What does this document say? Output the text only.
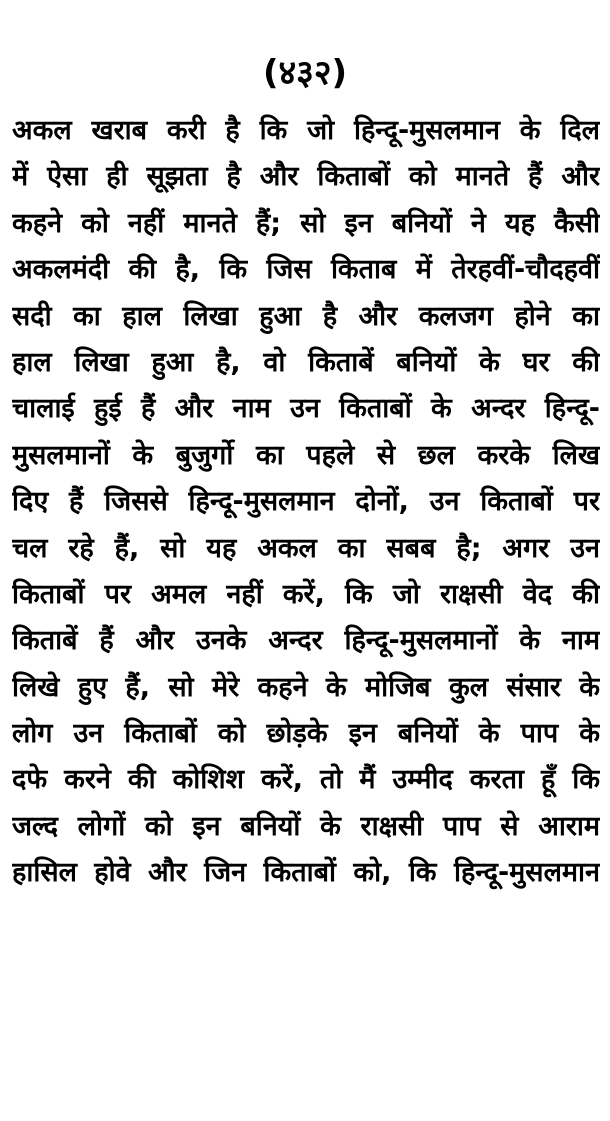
(४३२)
अकल खराब करी है कि जो हिन्दू-मुसलमान के दिल
में ऐसा ही सूझता है और किताबों को मानते हैं और
कहने को नहीं मानते हैं; सो इन बनियों ने यह कैसी
अकलमंदी की है, कि जिस किताब में तेरहवीं-चौदहवीं
सदी का हाल लिखा हुआ है और कलजग होने का
हाल लिखा हुआ है, वो किताबें बनियों के घर की
चालाई हुई हैं और नाम उन किताबों के अन्दर हिन्दू-
मुसलमानों के बुजुर्गो का पहले से छल करके लिख
दिए हैं जिससे हिन्दू-मुसलमान दोनों, उन किताबों पर
चल रहे हैं, सो यह अकल का सबब है; अगर उन
किताबों पर अमल नहीं करें, कि जो राक्षसी वेद की
किताबें हैं और उनके अन्दर हिन्दू-मुसलमानों के नाम
लिखे हुए हैं, सो मेरे कहने के मोजिब कुल संसार के
लोग उन किताबों को छोड़के इन बनियों के पाप के
दफे करने की कोशिश करें, तो मैं उम्मीद करता हूँ कि
जल्द लोगों को इन बनियों के राक्षसी पाप से आराम
हासिल होवे और जिन किताबों को, कि हिन्दू-मुसलमान
